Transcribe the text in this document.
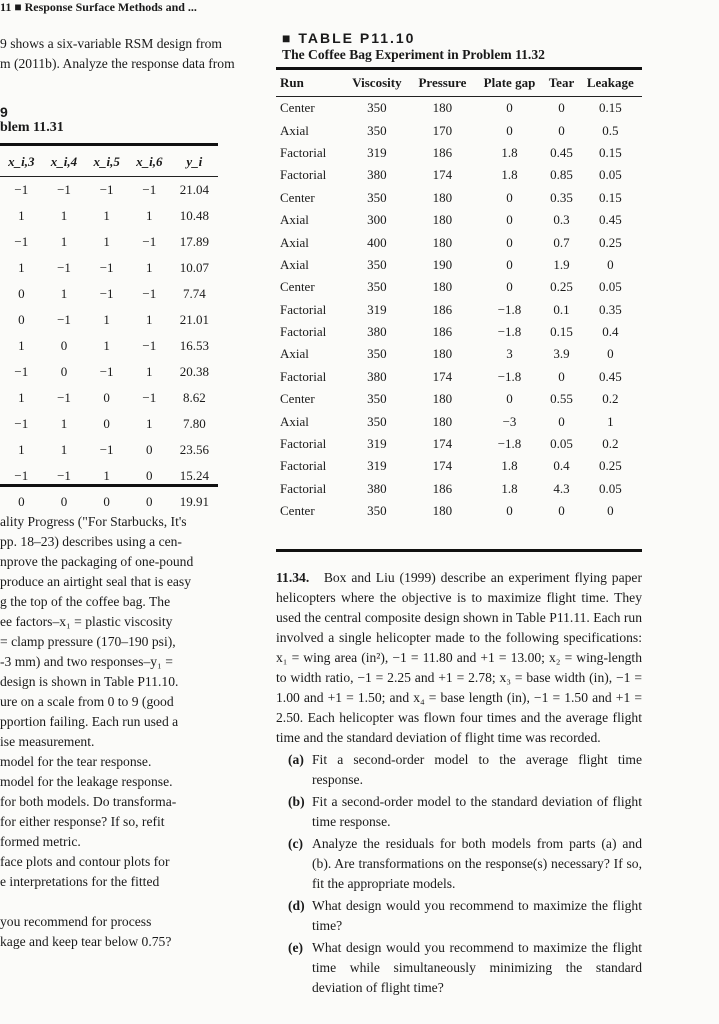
11 ■ Response Surface Methods and ...
9 shows a six-variable RSM design from
m (2011b). Analyze the response data from
9
blem 11.31
x_i,3	x_i,4	x_i,5	x_i,6	y_i
−1	−1	−1	−1	21.04
1	1	1	1	10.48
−1	1	1	−1	17.89
1	−1	−1	1	10.07
0	1	−1	−1	7.74
0	−1	1	1	21.01
1	0	1	−1	16.53
−1	0	−1	1	20.38
1	−1	0	−1	8.62
−1	1	0	1	7.80
1	1	−1	0	23.56
−1	−1	1	0	15.24
0	0	0	0	19.91
ality Progress ("For Starbucks, It's
pp. 18–23) describes using a cen-
nprove the packaging of one-pound
produce an airtight seal that is easy
g the top of the coffee bag. The
ee factors–x₁ = plastic viscosity
= clamp pressure (170–190 psi),
-3 mm) and two responses–y₁ =
design is shown in Table P11.10.
ure on a scale from 0 to 9 (good
pportion failing. Each run used a
ise measurement.
model for the tear response.
model for the leakage response.
for both models. Do transforma-
for either response? If so, refit
formed metric.
face plots and contour plots for
e interpretations for the fitted
you recommend for process
kage and keep tear below 0.75?
■ TABLE P11.10
The Coffee Bag Experiment in Problem 11.32
Run	Viscosity	Pressure	Plate gap	Tear	Leakage
Center	350	180	0	0	0.15
Axial	350	170	0	0	0.5
Factorial	319	186	1.8	0.45	0.15
Factorial	380	174	1.8	0.85	0.05
Center	350	180	0	0.35	0.15
Axial	300	180	0	0.3	0.45
Axial	400	180	0	0.7	0.25
Axial	350	190	0	1.9	0
Center	350	180	0	0.25	0.05
Factorial	319	186	−1.8	0.1	0.35
Factorial	380	186	−1.8	0.15	0.4
Axial	350	180	3	3.9	0
Factorial	380	174	−1.8	0	0.45
Center	350	180	0	0.55	0.2
Axial	350	180	−3	0	1
Factorial	319	174	−1.8	0.05	0.2
Factorial	319	174	1.8	0.4	0.25
Factorial	380	186	1.8	4.3	0.05
Center	350	180	0	0	0
11.34. Box and Liu (1999) describe an experiment flying paper helicopters where the objective is to maximize flight time. They used the central composite design shown in Table P11.11. Each run involved a single helicopter made to the following specifications: x₁ = wing area (in²), −1 = 11.80 and +1 = 13.00; x₂ = wing-length to width ratio, −1 = 2.25 and +1 = 2.78; x₃ = base width (in), −1 = 1.00 and +1 = 1.50; and x₄ = base length (in), −1 = 1.50 and +1 = 2.50. Each helicopter was flown four times and the average flight time and the standard deviation of flight time was recorded.
(a) Fit a second-order model to the average flight time response.
(b) Fit a second-order model to the standard deviation of flight time response.
(c) Analyze the residuals for both models from parts (a) and (b). Are transformations on the response(s) necessary? If so, fit the appropriate models.
(d) What design would you recommend to maximize the flight time?
(e) What design would you recommend to maximize the flight time while simultaneously minimizing the standard deviation of flight time?
